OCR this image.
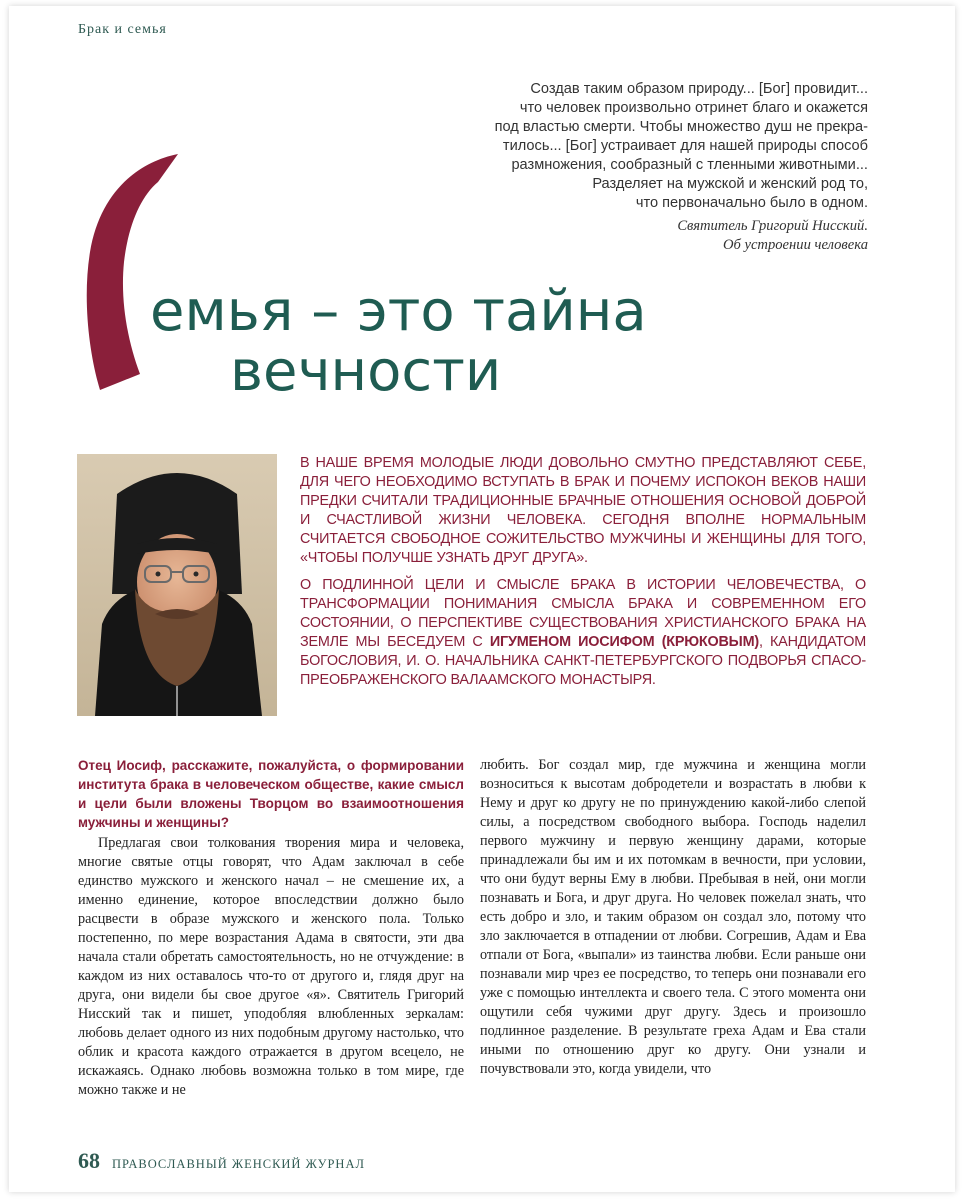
Брак и семья
Создав таким образом природу... [Бог] провидит...
что человек произвольно отринет благо и окажется
под властью смерти. Чтобы множество душ не прекра-
тилось... [Бог] устраивает для нашей природы способ
размножения, сообразный с тленными животными...
Разделяет на мужской и женский род то,
что первоначально было в одном.
Святитель Григорий Нисский.
Об устроении человека
емья – это тайна
вечности

В НАШЕ ВРЕМЯ МОЛОДЫЕ ЛЮДИ ДОВОЛЬНО СМУТНО ПРЕДСТАВЛЯЮТ СЕБЕ, ДЛЯ ЧЕГО НЕОБХОДИМО ВСТУПАТЬ В БРАК И ПОЧЕМУ ИСПОКОН ВЕКОВ НАШИ ПРЕДКИ СЧИТАЛИ ТРАДИЦИОННЫЕ БРАЧНЫЕ ОТНОШЕНИЯ ОСНОВОЙ ДОБРОЙ И СЧАСТЛИВОЙ ЖИЗНИ ЧЕЛОВЕКА. СЕГОДНЯ ВПОЛНЕ НОРМАЛЬНЫМ СЧИТАЕТСЯ СВОБОДНОЕ СОЖИТЕЛЬСТВО МУЖЧИНЫ И ЖЕНЩИНЫ ДЛЯ ТОГО, «ЧТОБЫ ПОЛУЧШЕ УЗНАТЬ ДРУГ ДРУГА».

О ПОДЛИННОЙ ЦЕЛИ И СМЫСЛЕ БРАКА В ИСТОРИИ ЧЕЛОВЕЧЕСТВА, О ТРАНСФОРМАЦИИ ПОНИМАНИЯ СМЫСЛА БРАКА И СОВРЕМЕННОМ ЕГО СОСТОЯНИИ, О ПЕРСПЕКТИВЕ СУЩЕСТВОВАНИЯ ХРИСТИАНСКОГО БРАКА НА ЗЕМЛЕ МЫ БЕСЕДУЕМ С ИГУМЕНОМ ИОСИФОМ (КРЮКОВЫМ), КАНДИДАТОМ БОГОСЛОВИЯ, И. О. НАЧАЛЬНИКА САНКТ-ПЕТЕРБУРГСКОГО ПОДВОРЬЯ СПАСО-ПРЕОБРАЖЕНСКОГО ВАЛААМСКОГО МОНАСТЫРЯ.

Отец Иосиф, расскажите, пожалуйста, о формировании института брака в человеческом обществе, какие смысл и цели были вложены Творцом во взаимоотношения мужчины и женщины?

Предлагая свои толкования творения мира и человека, многие святые отцы говорят, что Адам заключал в себе единство мужского и женского начал – не смешение их, а именно единение, которое впоследствии должно было расцвести в образе мужского и женского пола. Только постепенно, по мере возрастания Адама в святости, эти два начала стали обретать самостоятельность, но не отчуждение: в каждом из них оставалось что-то от другого и, глядя друг на друга, они видели бы свое другое «я». Святитель Григорий Нисский так и пишет, уподобляя влюбленных зеркалам: любовь делает одного из них подобным другому настолько, что облик и красота каждого отражается в другом всецело, не искажаясь. Однако любовь возможна только в том мире, где можно также и не

любить. Бог создал мир, где мужчина и женщина могли возноситься к высотам добродетели и возрастать в любви к Нему и друг ко другу не по принуждению какой-либо слепой силы, а посредством свободного выбора. Господь наделил первого мужчину и первую женщину дарами, которые принадлежали бы им и их потомкам в вечности, при условии, что они будут верны Ему в любви. Пребывая в ней, они могли познавать и Бога, и друг друга. Но человек пожелал знать, что есть добро и зло, и таким образом он создал зло, потому что зло заключается в отпадении от любви. Согрешив, Адам и Ева отпали от Бога, «выпали» из таинства любви. Если раньше они познавали мир чрез ее посредство, то теперь они познавали его уже с помощью интеллекта и своего тела. С этого момента они ощутили себя чужими друг другу. Здесь и произошло подлинное разделение. В результате греха Адам и Ева стали иными по отношению друг ко другу. Они узнали и почувствовали это, когда увидели, что

68 ПРАВОСЛАВНЫЙ ЖЕНСКИЙ ЖУРНАЛ
